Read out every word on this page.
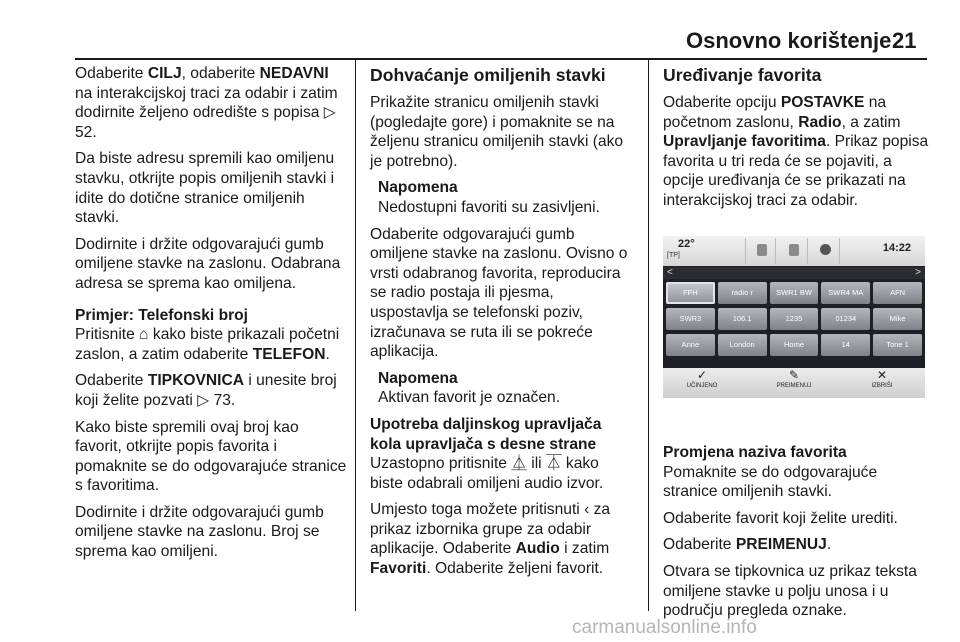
Osnovno korištenje 21

Odaberite CILJ, odaberite NEDAVNI na interakcijskoj traci za odabir i zatim dodirnite željeno odredište s popisa ▷ 52.

Da biste adresu spremili kao omiljenu stavku, otkrijte popis omiljenih stavki i idite do dotične stranice omiljenih stavki.

Dodirnite i držite odgovarajući gumb omiljene stavke na zaslonu. Odabrana adresa se sprema kao omiljena.

Primjer: Telefonski broj

Pritisnite ⌂ kako biste prikazali početni zaslon, a zatim odaberite TELEFON.

Odaberite TIPKOVNICA i unesite broj koji želite pozvati ▷ 73.

Kako biste spremili ovaj broj kao favorit, otkrijte popis favorita i pomaknite se do odgovarajuće stranice s favoritima.

Dodirnite i držite odgovarajući gumb omiljene stavke na zaslonu. Broj se sprema kao omiljeni.

Dohvaćanje omiljenih stavki

Prikažite stranicu omiljenih stavki (pogledajte gore) i pomaknite se na željenu stranicu omiljenih stavki (ako je potrebno).

Napomena
Nedostupni favoriti su zasivljeni.

Odaberite odgovarajući gumb omiljene stavke na zaslonu. Ovisno o vrsti odabranog favorita, reproducira se radio postaja ili pjesma, uspostavlja se telefonski poziv, izračunava se ruta ili se pokreće aplikacija.

Napomena
Aktivan favorit je označen.

Upotreba daljinskog upravljača kola upravljača s desne strane

Uzastopno pritisnite ⏅ ili ⏄ kako biste odabrali omiljeni audio izvor.

Umjesto toga možete pritisnuti ‹ za prikaz izbornika grupe za odabir aplikacije. Odaberite Audio i zatim Favoriti. Odaberite željeni favorit.

Uređivanje favorita

Odaberite opciju POSTAVKE na početnom zaslonu, Radio, a zatim Upravljanje favoritima. Prikaz popisa favorita u tri reda će se pojaviti, a opcije uređivanja će se prikazati na interakcijskoj traci za odabir.

Promjena naziva favorita

Pomaknite se do odgovarajuće stranice omiljenih stavki.

Odaberite favorit koji želite urediti.

Odaberite PREIMENUJ.

Otvara se tipkovnica uz prikaz teksta omiljene stavke u polju unosa i u području pregleda oznake.

22°
[TP]
14:22
<	>
FFH	radio r	SWR1 BW	SWR4 MA	AFN
SWR3	106.1	1235	01234	Mike
Anne	London	Home	14	Tone 1
✓
UČINJENO
✎
PREIMENUJ
✕
IZBRIŠI
carmanualsonline.info
